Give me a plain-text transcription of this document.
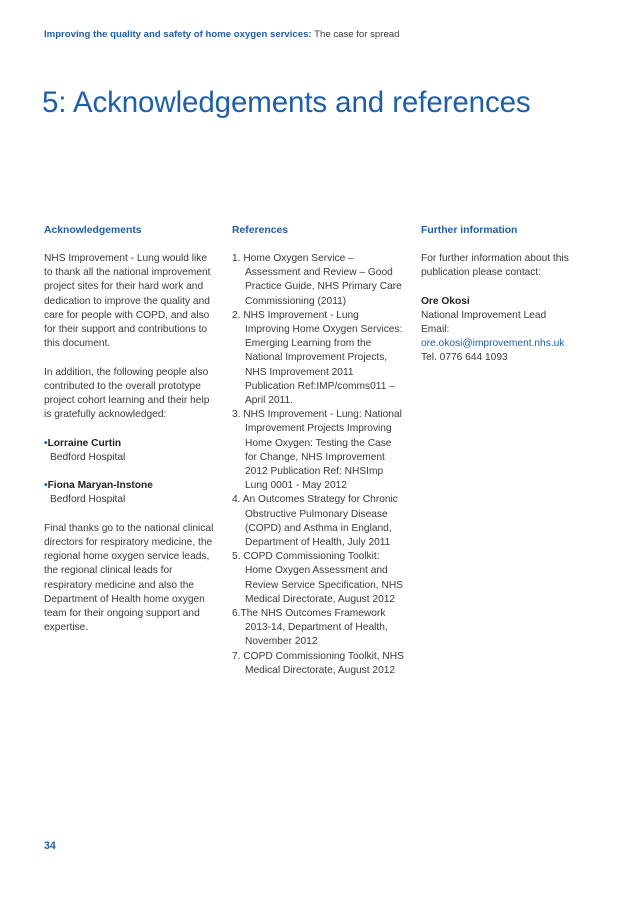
Improving the quality and safety of home oxygen services: The case for spread
5: Acknowledgements and references
Acknowledgements
NHS Improvement - Lung would like
to thank all the national improvement
project sites for their hard work and
dedication to improve the quality and
care for people with COPD, and also
for their support and contributions to
this document.
In addition, the following people also
contributed to the overall prototype
project cohort learning and their help
is gratefully acknowledged:
•Lorraine Curtin
Bedford Hospital
•Fiona Maryan-Instone
Bedford Hospital
Final thanks go to the national clinical
directors for respiratory medicine, the
regional home oxygen service leads,
the regional clinical leads for
respiratory medicine and also the
Department of Health home oxygen
team for their ongoing support and
expertise.
References
1. Home Oxygen Service –
Assessment and Review – Good
Practice Guide, NHS Primary Care
Commissioning (2011)
2. NHS Improvement - Lung
Improving Home Oxygen Services:
Emerging Learning from the
National Improvement Projects,
NHS Improvement 2011
Publication Ref:IMP/comms011 –
April 2011.
3. NHS Improvement - Lung: National
Improvement Projects Improving
Home Oxygen: Testing the Case
for Change, NHS Improvement
2012 Publication Ref: NHSImp
Lung 0001 - May 2012
4. An Outcomes Strategy for Chronic
Obstructive Pulmonary Disease
(COPD) and Asthma in England,
Department of Health, July 2011
5. COPD Commissioning Toolkit:
Home Oxygen Assessment and
Review Service Specification, NHS
Medical Directorate, August 2012
6.The NHS Outcomes Framework
2013-14, Department of Health,
November 2012
7. COPD Commissioning Toolkit, NHS
Medical Directorate, August 2012
Further information
For further information about this
publication please contact:
Ore Okosi
National Improvement Lead
Email:
ore.okosi@improvement.nhs.uk
Tel. 0776 644 1093
34
